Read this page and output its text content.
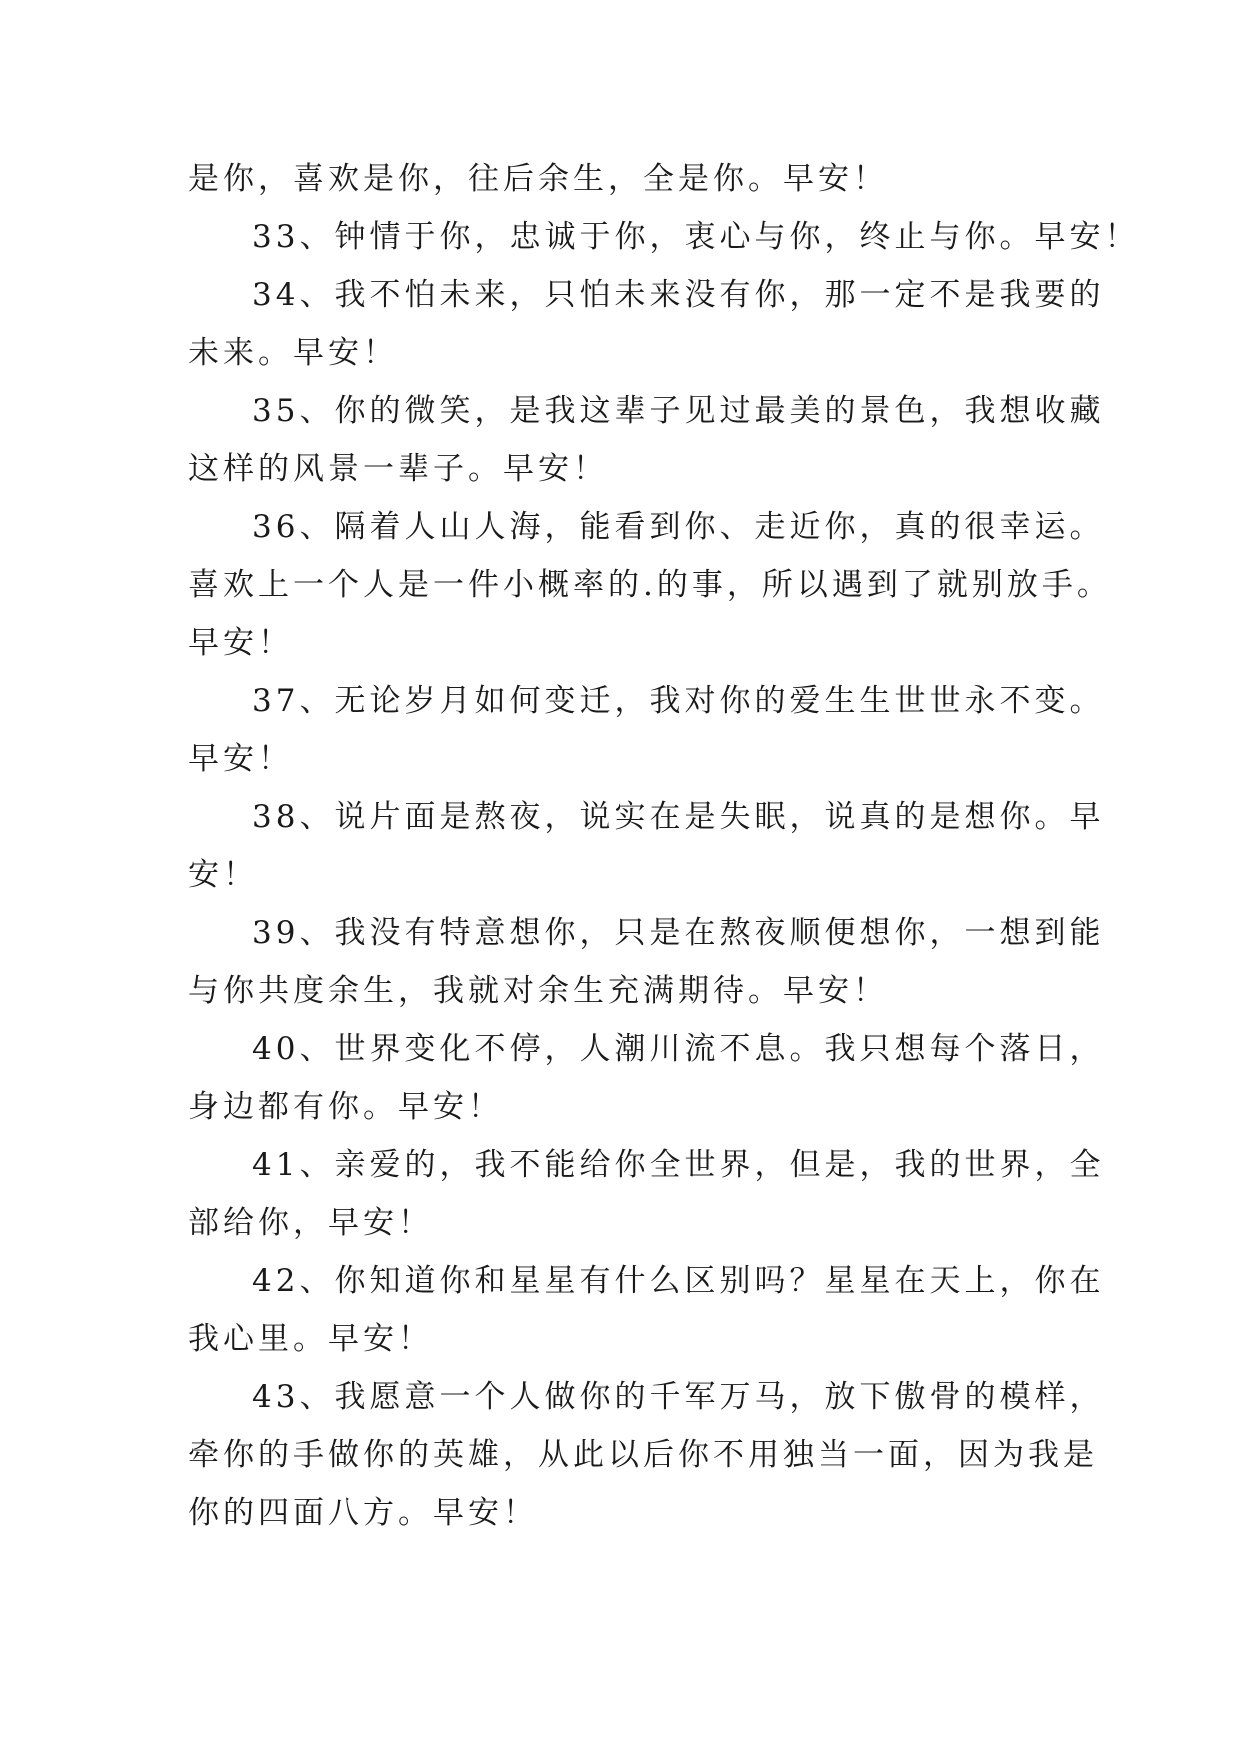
是你，喜欢是你，往后余生，全是你。早安！
33、钟情于你，忠诚于你，衷心与你，终止与你。早安！
34、我不怕未来，只怕未来没有你，那一定不是我要的
未来。早安！
35、你的微笑，是我这辈子见过最美的景色，我想收藏
这样的风景一辈子。早安！
36、隔着人山人海，能看到你、走近你，真的很幸运。
喜欢上一个人是一件小概率的.的事，所以遇到了就别放手。
早安！
37、无论岁月如何变迁，我对你的爱生生世世永不变。
早安！
38、说片面是熬夜，说实在是失眠，说真的是想你。早
安！
39、我没有特意想你，只是在熬夜顺便想你，一想到能
与你共度余生，我就对余生充满期待。早安！
40、世界变化不停，人潮川流不息。我只想每个落日，
身边都有你。早安！
41、亲爱的，我不能给你全世界，但是，我的世界，全
部给你，早安！
42、你知道你和星星有什么区别吗？星星在天上，你在
我心里。早安！
43、我愿意一个人做你的千军万马，放下傲骨的模样，
牵你的手做你的英雄，从此以后你不用独当一面，因为我是
你的四面八方。早安！
